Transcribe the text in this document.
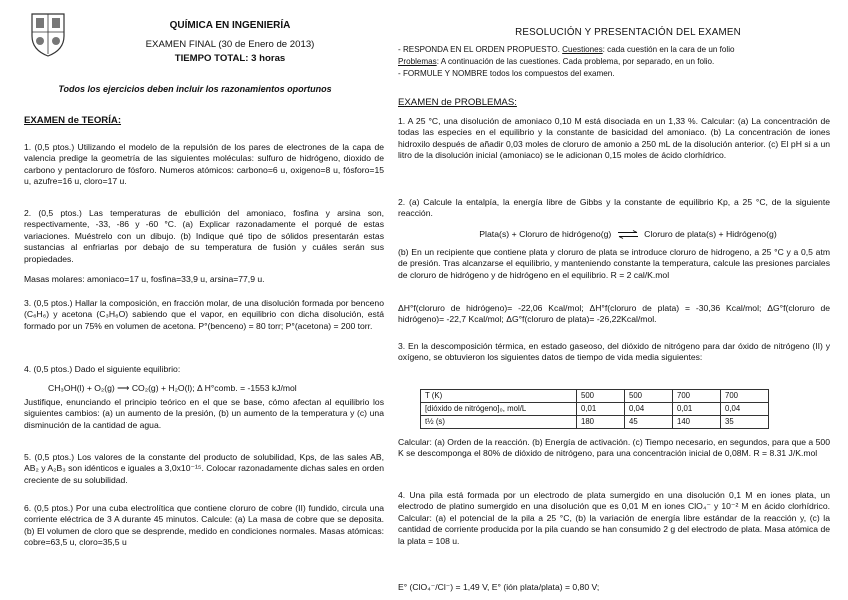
QUÍMICA EN INGENIERÍA
EXAMEN FINAL (30 de Enero de 2013)
TIEMPO TOTAL: 3 horas
Todos los ejercicios deben incluir los razonamientos oportunos
EXAMEN de TEORÍA:
1. (0,5 ptos.) Utilizando el modelo de la repulsión de los pares de electrones de la capa de valencia predige la geometría de las siguientes moléculas: sulfuro de hidrógeno, dioxido de carbono y pentacloruro de fósforo. Numeros atómicos: carbono=6 u, oxigeno=8 u, fósforo=15 u, azufre=16 u, cloro=17 u.
2. (0,5 ptos.) Las temperaturas de ebullición del amoniaco, fosfina y arsina son, respectivamente, -33, -86 y -60 °C. (a) Explicar razonadamente el porqué de estas variaciones. Muéstrelo con un dibujo. (b) Indique qué tipo de sólidos presentarán estas sustancias al enfriarlas por debajo de su temperatura de fusión y cuáles serán sus propiedades.
Masas molares: amoniaco=17 u, fosfina=33,9 u, arsina=77,9 u.
3. (0,5 ptos.) Hallar la composición, en fracción molar, de una disolución formada por benceno (C₆H₆) y acetona (C₃H₆O) sabiendo que el vapor, en equilibrio con dicha disolución, está formado por un 75% en volumen de acetona. P°(benceno) = 80 torr; P°(acetona) = 200 torr.
4. (0,5 ptos.) Dado el siguiente equilibrio:
CH₃OH(l) + O₂(g) ⟶ CO₂(g) + H₂O(l); Δ H°comb. = -1553 kJ/mol
Justifique, enunciando el principio teórico en el que se base, cómo afectan al equilibrio los siguientes cambios: (a) un aumento de la presión, (b) un aumento de la temperatura y (c) una disminución de la cantidad de agua.
5. (0,5 ptos.) Los valores de la constante del producto de solubilidad, Kps, de las sales AB, AB₂ y A₂B₃ son idénticos e iguales a 3,0x10⁻¹⁵. Colocar razonadamente dichas sales en orden creciente de su solubilidad.
6. (0,5 ptos.) Por una cuba electrolítica que contiene cloruro de cobre (II) fundido, circula una corriente eléctrica de 3 A durante 45 minutos. Calcule: (a) La masa de cobre que se deposita. (b) El volumen de cloro que se desprende, medido en condiciones normales. Masas atómicas: cobre=63,5 u, cloro=35,5 u
RESOLUCIÓN Y PRESENTACIÓN DEL EXAMEN
- RESPONDA EN EL ORDEN PROPUESTO. Cuestiones: cada cuestión en la cara de un folio
Problemas: A continuación de las cuestiones. Cada problema, por separado, en un folio.
- FORMULE Y NOMBRE todos los compuestos del examen.
EXAMEN de PROBLEMAS:
1. A 25 °C, una disolución de amoniaco 0,10 M está disociada en un 1,33 %. Calcular: (a) La concentración de todas las especies en el equilibrio y la constante de basicidad del amoniaco. (b) La concentración de iones hidroxilo después de añadir 0,03 moles de cloruro de amonio a 250 mL de la disolución anterior. (c) El pH si a un litro de la disolución inicial (amoniaco) se le adicionan 0,15 moles de ácido clorhídrico.
2. (a) Calcule la entalpía, la energía libre de Gibbs y la constante de equilibrio Kp, a 25 °C, de la siguiente reacción.
Plata(s) + Cloruro de hidrógeno(g) ⇌ Cloruro de plata(s) + Hidrógeno(g)
(b) En un recipiente que contiene plata y cloruro de plata se introduce cloruro de hidrogeno, a 25 °C y a 0,5 atm de presión. Tras alcanzarse el equilibrio, y manteniendo constante la temperatura, calcule las presiones parciales de cloruro de hidrógeno y de hidrógeno en el equilibrio. R = 2 cal/K.mol
ΔH°f(cloruro de hidrógeno)= -22,06 Kcal/mol; ΔH°f(cloruro de plata) = -30,36 Kcal/mol; ΔG°f(cloruro de hidrógeno)= -22,7 Kcal/mol; ΔG°f(cloruro de plata)= -26,22Kcal/mol.
3. En la descomposición térmica, en estado gaseoso, del dióxido de nitrógeno para dar óxido de nitrógeno (II) y oxígeno, se obtuvieron los siguientes datos de tiempo de vida media siguientes:
T (K)	500	500	700	700
[dióxido de nitrógeno]₀, mol/L	0,01	0,04	0,01	0,04
t½ (s)	180	45	140	35
Calcular: (a) Orden de la reacción. (b) Energía de activación. (c) Tiempo necesario, en segundos, para que a 500 K se descomponga el 80% de dióxido de nitrógeno, para una concentración inicial de 0,08M. R = 8.31 J/K.mol
4. Una pila está formada por un electrodo de plata sumergido en una disolución 0,1 M en iones plata, un electrodo de platino sumergido en una disolución que es 0,01 M en iones ClO₄⁻ y 10⁻² M en ácido clorhídrico. Calcular: (a) el potencial de la pila a 25 °C, (b) la variación de energía libre estándar de la reacción y, (c) la cantidad de corriente producida por la pila cuando se han consumido 2 g del electrodo de plata. Masa atómica de la plata = 108 u.
E° (ClO₄⁻/Cl⁻) = 1,49 V, E° (ión plata/plata) = 0,80 V;
